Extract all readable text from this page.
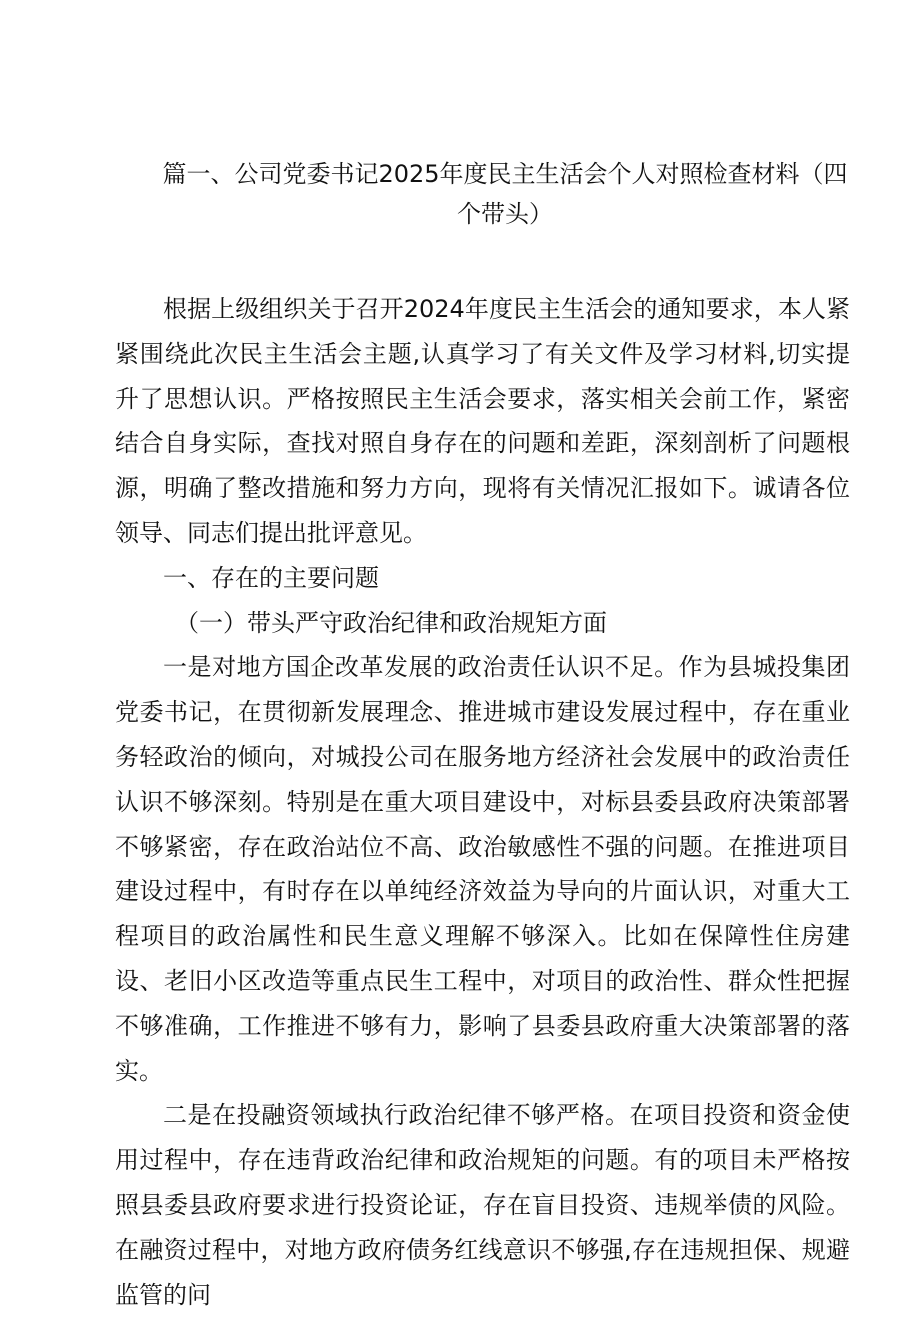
篇一、公司党委书记2025年度民主生活会个人对照检查材料（四个带头）

根据上级组织关于召开2024年度民主生活会的通知要求，本人紧紧围绕此次民主生活会主题,认真学习了有关文件及学习材料,切实提升了思想认识。严格按照民主生活会要求，落实相关会前工作，紧密结合自身实际，查找对照自身存在的问题和差距，深刻剖析了问题根源，明确了整改措施和努力方向，现将有关情况汇报如下。诚请各位领导、同志们提出批评意见。

一、存在的主要问题

（一）带头严守政治纪律和政治规矩方面

一是对地方国企改革发展的政治责任认识不足。作为县城投集团党委书记，在贯彻新发展理念、推进城市建设发展过程中，存在重业务轻政治的倾向，对城投公司在服务地方经济社会发展中的政治责任认识不够深刻。特别是在重大项目建设中，对标县委县政府决策部署不够紧密，存在政治站位不高、政治敏感性不强的问题。在推进项目建设过程中，有时存在以单纯经济效益为导向的片面认识，对重大工程项目的政治属性和民生意义理解不够深入。比如在保障性住房建设、老旧小区改造等重点民生工程中，对项目的政治性、群众性把握不够准确，工作推进不够有力，影响了县委县政府重大决策部署的落实。

二是在投融资领域执行政治纪律不够严格。在项目投资和资金使用过程中，存在违背政治纪律和政治规矩的问题。有的项目未严格按照县委县政府要求进行投资论证，存在盲目投资、违规举债的风险。在融资过程中，对地方政府债务红线意识不够强,存在违规担保、规避监管的问
